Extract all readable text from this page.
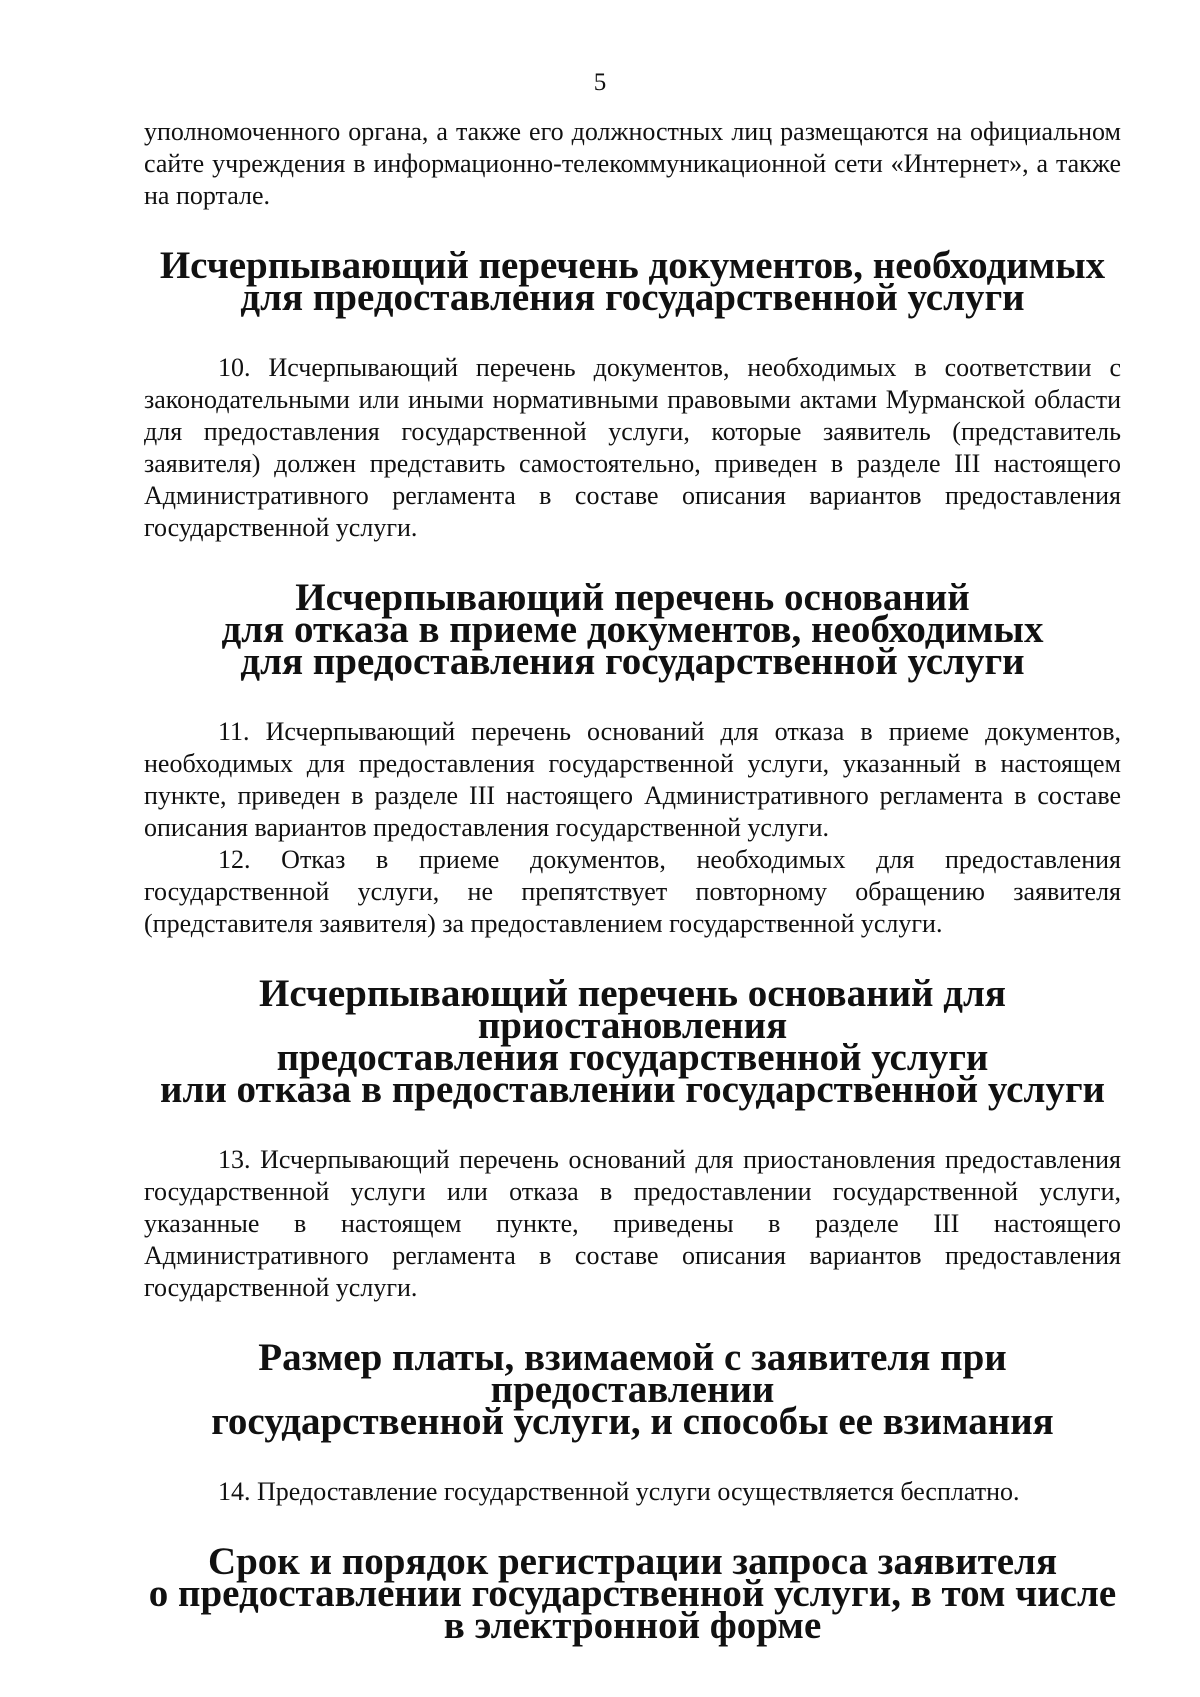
5

уполномоченного органа, а также его должностных лиц размещаются на официальном сайте учреждения в информационно-телекоммуникационной сети «Интернет», а также на портале.

Исчерпывающий перечень документов, необходимых
для предоставления государственной услуги

10. Исчерпывающий перечень документов, необходимых в соответствии с законодательными или иными нормативными правовыми актами Мурманской области для предоставления государственной услуги, которые заявитель (представитель заявителя) должен представить самостоятельно, приведен в разделе III настоящего Административного регламента в составе описания вариантов предоставления государственной услуги.

Исчерпывающий перечень оснований
для отказа в приеме документов, необходимых
для предоставления государственной услуги

11. Исчерпывающий перечень оснований для отказа в приеме документов, необходимых для предоставления государственной услуги, указанный в настоящем пункте, приведен в разделе III настоящего Административного регламента в составе описания вариантов предоставления государственной услуги.

12. Отказ в приеме документов, необходимых для предоставления государственной услуги, не препятствует повторному обращению заявителя (представителя заявителя) за предоставлением государственной услуги.

Исчерпывающий перечень оснований для приостановления
предоставления государственной услуги
или отказа в предоставлении государственной услуги

13. Исчерпывающий перечень оснований для приостановления предоставления государственной услуги или отказа в предоставлении государственной услуги, указанные в настоящем пункте, приведены в разделе III настоящего Административного регламента в составе описания вариантов предоставления государственной услуги.

Размер платы, взимаемой с заявителя при предоставлении
государственной услуги, и способы ее взимания

14. Предоставление государственной услуги осуществляется бесплатно.

Срок и порядок регистрации запроса заявителя
о предоставлении государственной услуги, в том числе
в электронной форме
